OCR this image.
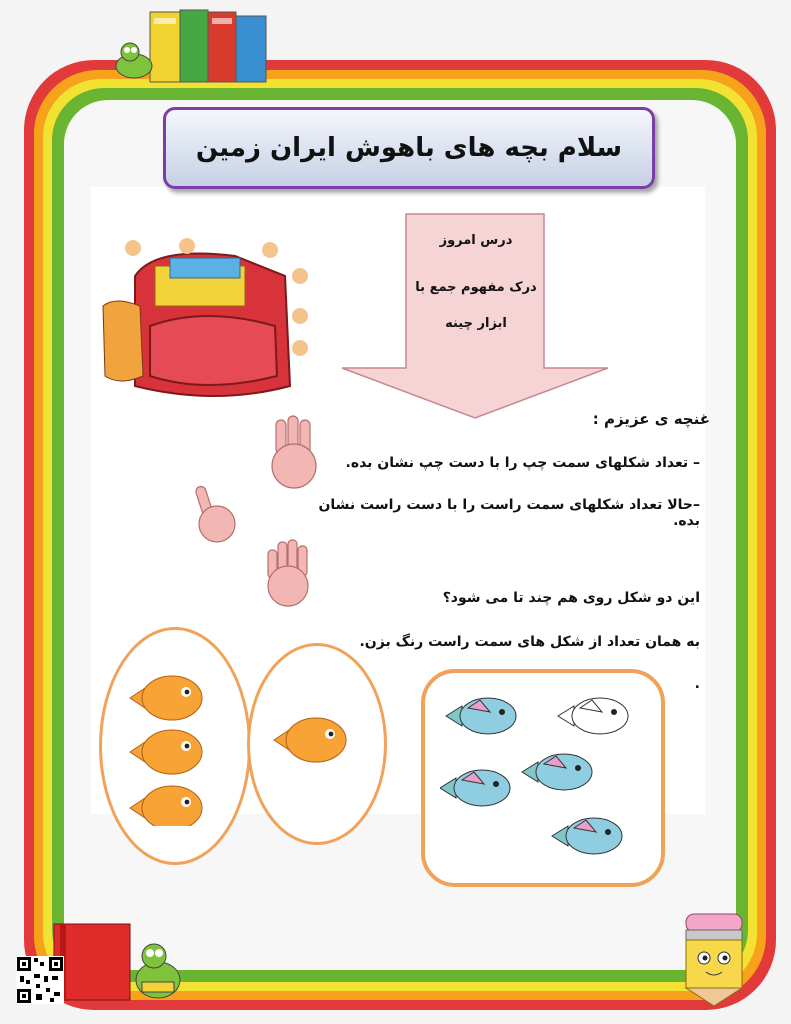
سلام بچه های باهوش ایران زمین
درس امروز
درک مفهوم جمع با
ابزار چینه
غنچه ی عزیزم :
– تعداد شکلهای سمت چپ را با دست چپ نشان بده.
–حالا تعداد شکلهای سمت راست را با دست راست نشان بده.
این دو شکل روی هم چند تا می شود؟
به همان تعداد از شکل های سمت راست رنگ بزن.
.
